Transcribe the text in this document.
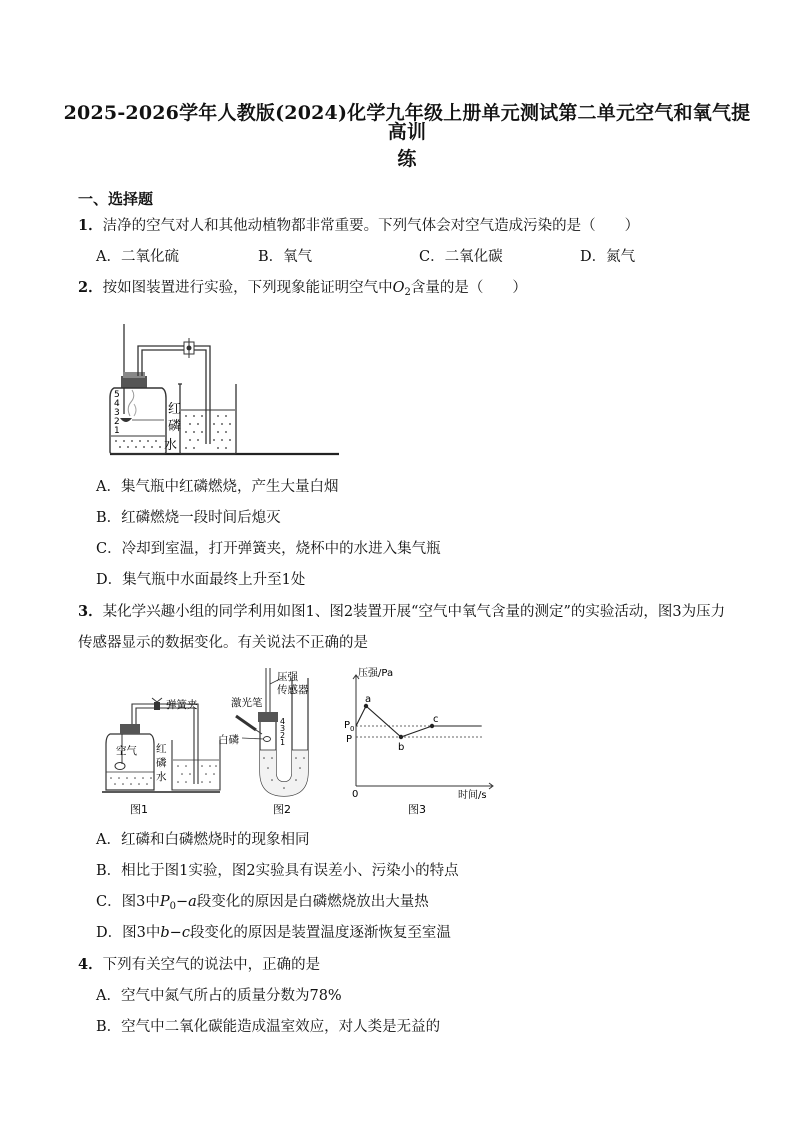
2025-2026学年人教版(2024)化学九年级上册单元测试第二单元空气和氧气提高训
练
一、选择题
1．洁净的空气对人和其他动植物都非常重要。下列气体会对空气造成污染的是（　　）
A．二氧化硫	B．氧气	C．二氧化碳	D．氮气
2．按如图装置进行实验，下列现象能证明空气中$O_2$含量的是（　　）
5
4
3
2
1
红
磷
水
A．集气瓶中红磷燃烧，产生大量白烟
B．红磷燃烧一段时间后熄灭
C．冷却到室温，打开弹簧夹，烧杯中的水进入集气瓶
D．集气瓶中水面最终上升至1处
3．某化学兴趣小组的同学利用如图1、图2装置开展“空气中氧气含量的测定”的实验活动，图3为压力
传感器显示的数据变化。有关说法不正确的是
弹簧夹
空气 红
磷
水
图1
4
3
2
1
压强
传感器
激光笔
白磷
图2
压强/Pa
时间/s
0
$P_0$
P
a
b
c
图3
A．红磷和白磷燃烧时的现象相同
B．相比于图1实验，图2实验具有误差小、污染小的特点
C．图3中$P_0-a$段变化的原因是白磷燃烧放出大量热
D．图3中b−c段变化的原因是装置温度逐渐恢复至室温
4．下列有关空气的说法中，正确的是
A．空气中氮气所占的质量分数为78%
B．空气中二氧化碳能造成温室效应，对人类是无益的
